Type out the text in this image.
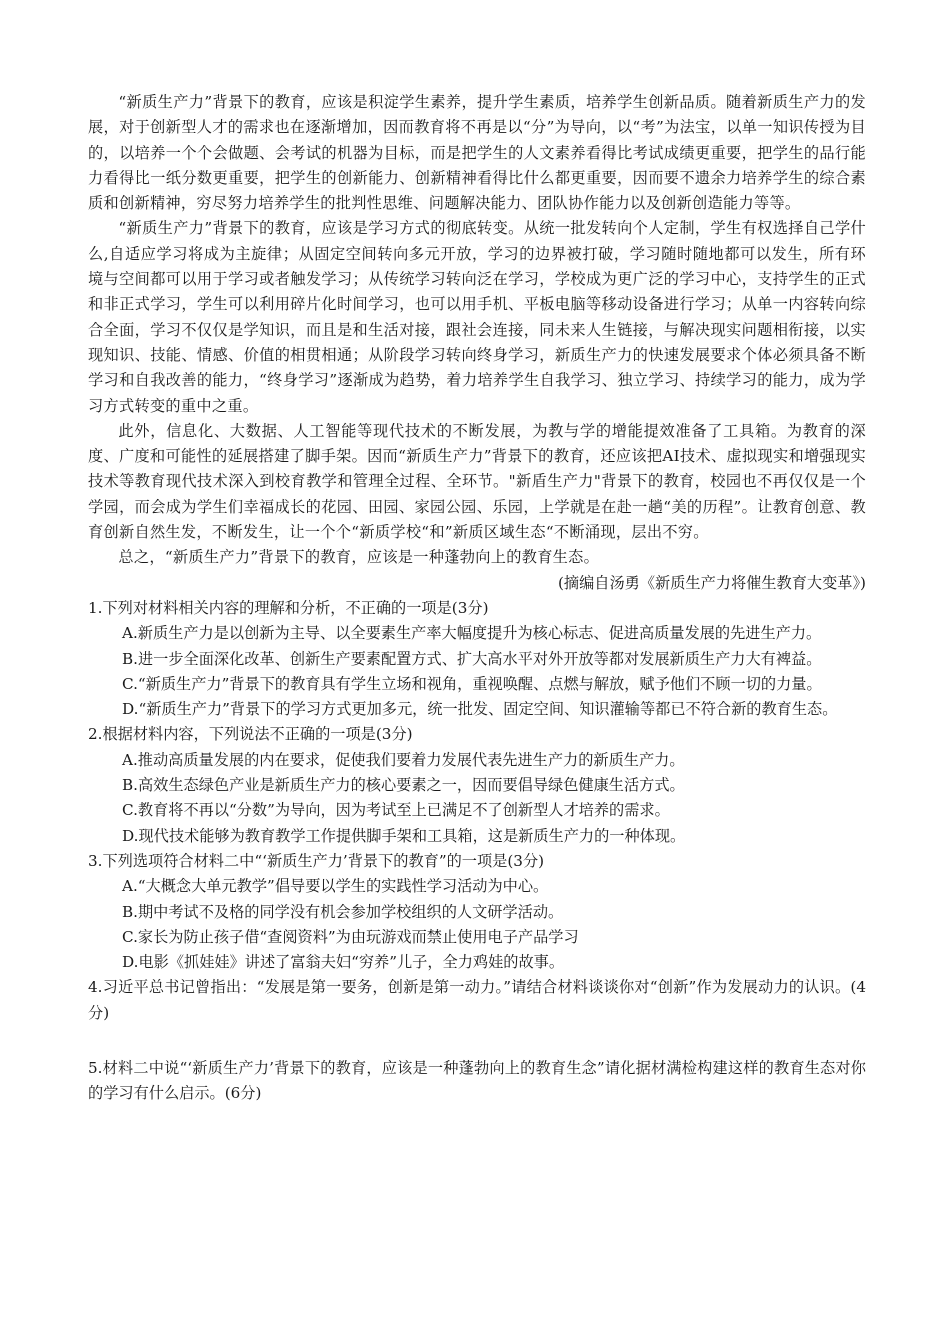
“新质生产力”背景下的教育，应该是积淀学生素养，提升学生素质，培养学生创新品质。随着新质生产力的发展，对于创新型人才的需求也在逐渐增加，因而教育将不再是以“分”为导向，以“考”为法宝，以单一知识传授为目的，以培养一个个会做题、会考试的机器为目标，而是把学生的人文素养看得比考试成绩更重要，把学生的品行能力看得比一纸分数更重要，把学生的创新能力、创新精神看得比什么都更重要，因而要不遗余力培养学生的综合素质和创新精神，穷尽努力培养学生的批判性思维、问题解决能力、团队协作能力以及创新创造能力等等。

“新质生产力”背景下的教育，应该是学习方式的彻底转变。从统一批发转向个人定制，学生有权选择自己学什么,自适应学习将成为主旋律；从固定空间转向多元开放，学习的边界被打破，学习随时随地都可以发生，所有环境与空间都可以用于学习或者触发学习；从传统学习转向泛在学习，学校成为更广泛的学习中心，支持学生的正式和非正式学习，学生可以利用碎片化时间学习，也可以用手机、平板电脑等移动设备进行学习；从单一内容转向综合全面，学习不仅仅是学知识，而且是和生活对接，跟社会连接，同未来人生链接，与解决现实问题相衔接，以实现知识、技能、情感、价值的相贯相通；从阶段学习转向终身学习，新质生产力的快速发展要求个体必须具备不断学习和自我改善的能力，“终身学习”逐渐成为趋势，着力培养学生自我学习、独立学习、持续学习的能力，成为学习方式转变的重中之重。

此外，信息化、大数据、人工智能等现代技术的不断发展，为教与学的增能提效准备了工具箱。为教育的深度、广度和可能性的延展搭建了脚手架。因而“新质生产力”背景下的教育，还应该把AI技术、虚拟现实和增强现实技术等教育现代技术深入到校育教学和管理全过程、全环节。"新盾生产力"背景下的教育，校园也不再仅仅是一个学园，而会成为学生们幸福成长的花园、田园、家园公园、乐园，上学就是在赴一趟“美的历程”。让教育创意、教育创新自然生发，不断发生，让一个个“新质学校“和”新质区域生态“不断涌现，层出不穷。

总之，“新质生产力”背景下的教育，应该是一种蓬勃向上的教育生态。

(摘编自汤勇《新质生产力将催生教育大变革》)

1.下列对材料相关内容的理解和分析，不正确的一项是(3分)

A.新质生产力是以创新为主导、以全要素生产率大幅度提升为核心标志、促进高质量发展的先进生产力。

B.进一步全面深化改革、创新生产要素配置方式、扩大高水平对外开放等都对发展新质生产力大有裨益。

C.“新质生产力”背景下的教育具有学生立场和视角，重视唤醒、点燃与解放，赋予他们不顾一切的力量。

D.“新质生产力”背景下的学习方式更加多元，统一批发、固定空间、知识灌输等都已不符合新的教育生态。

2.根据材料内容，下列说法不正确的一项是(3分)

A.推动高质量发展的内在要求，促使我们要着力发展代表先进生产力的新质生产力。

B.高效生态绿色产业是新质生产力的核心要素之一，因而要倡导绿色健康生活方式。

C.教育将不再以“分数”为导向，因为考试至上已满足不了创新型人才培养的需求。

D.现代技术能够为教育教学工作提供脚手架和工具箱，这是新质生产力的一种体现。

3.下列选项符合材料二中“‘新质生产力’背景下的教育”的一项是(3分)

A.“大概念大单元教学”倡导要以学生的实践性学习活动为中心。

B.期中考试不及格的同学没有机会参加学校组织的人文研学活动。

C.家长为防止孩子借“查阅资料”为由玩游戏而禁止使用电子产品学习

D.电影《抓娃娃》讲述了富翁夫妇“穷养”儿子，全力鸡娃的故事。

4.习近平总书记曾指出：“发展是第一要务，创新是第一动力。”请结合材料谈谈你对“创新”作为发展动力的认识。(4分)

5.材料二中说“‘新质生产力’背景下的教育，应该是一种蓬勃向上的教育生念”请化据材满检构建这样的教育生态对你的学习有什么启示。(6分)
